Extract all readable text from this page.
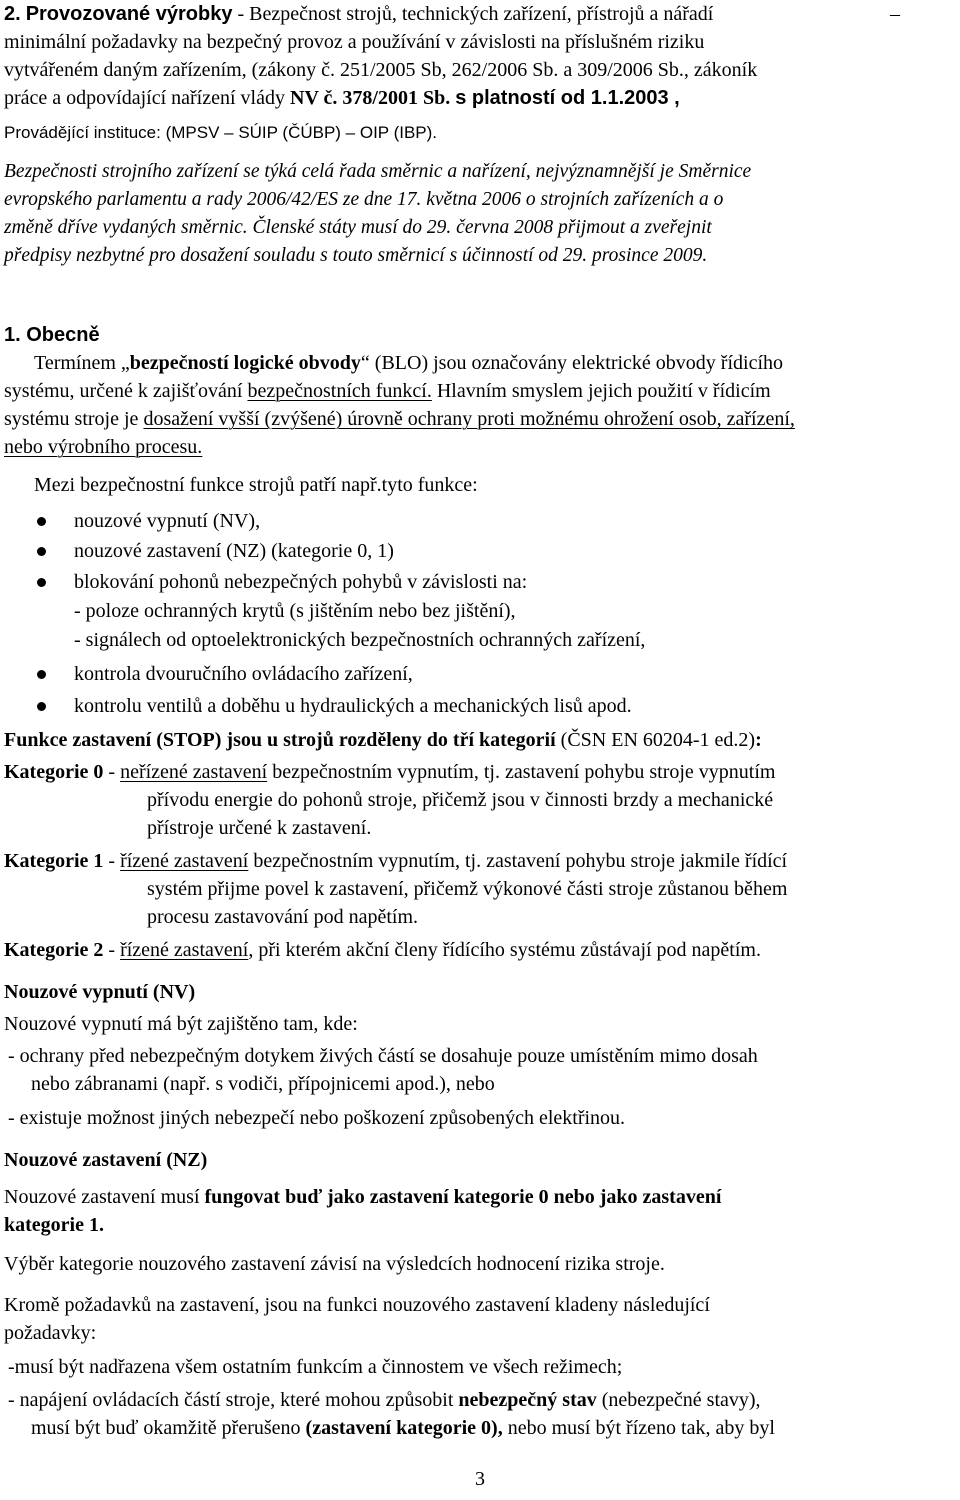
2. Provozované výrobky - Bezpečnost strojů, technických zařízení, přístrojů a nářadí	–
minimální požadavky na bezpečný provoz a používání v závislosti na příslušném riziku
vytvářeném daným zařízením, (zákony č. 251/2005 Sb, 262/2006 Sb. a 309/2006 Sb., zákoník
práce a odpovídající nařízení vlády NV č. 378/2001 Sb. s platností od 1.1.2003 ,
Provádějící instituce: (MPSV – SÚIP (ČÚBP) – OIP (IBP).
Bezpečnosti strojního zařízení se týká celá řada směrnic a nařízení, nejvýznamnější je Směrnice
evropského parlamentu a rady 2006/42/ES ze dne 17. května 2006 o strojních zařízeních a o
změně dříve vydaných směrnic. Členské státy musí do 29. června 2008 přijmout a zveřejnit
předpisy nezbytné pro dosažení souladu s touto směrnicí s účinností od 29. prosince 2009.
1. Obecně
Termínem „bezpečností logické obvody“ (BLO) jsou označovány elektrické obvody řídicího
systému, určené k zajišťování bezpečnostních funkcí. Hlavním smyslem jejich použití v řídicím
systému stroje je dosažení vyšší (zvýšené) úrovně ochrany proti možnému ohrožení osob, zařízení,
nebo výrobního procesu.
Mezi bezpečnostní funkce strojů patří např.tyto funkce:
nouzové vypnutí (NV),
nouzové zastavení (NZ) (kategorie 0, 1)
blokování pohonů nebezpečných pohybů v závislosti na:
- poloze ochranných krytů (s jištěním nebo bez jištění),
- signálech od optoelektronických bezpečnostních ochranných zařízení,
kontrola dvouručního ovládacího zařízení,
kontrolu ventilů a doběhu u hydraulických a mechanických lisů apod.
Funkce zastavení (STOP) jsou u strojů rozděleny do tří kategorií (ČSN EN 60204-1 ed.2):
Kategorie 0 - neřízené zastavení bezpečnostním vypnutím, tj. zastavení pohybu stroje vypnutím
přívodu energie do pohonů stroje, přičemž jsou v činnosti brzdy a mechanické
přístroje určené k zastavení.
Kategorie 1 - řízené zastavení bezpečnostním vypnutím, tj. zastavení pohybu stroje jakmile řídící
systém přijme povel k zastavení, přičemž výkonové části stroje zůstanou během
procesu zastavování pod napětím.
Kategorie 2 - řízené zastavení, při kterém akční členy řídícího systému zůstávají pod napětím.
Nouzové vypnutí (NV)
Nouzové vypnutí má být zajištěno tam, kde:
- ochrany před nebezpečným dotykem živých částí se dosahuje pouze umístěním mimo dosah
nebo zábranami (např. s vodiči, přípojnicemi apod.), nebo
- existuje možnost jiných nebezpečí nebo poškození způsobených elektřinou.
Nouzové zastavení (NZ)
Nouzové zastavení musí fungovat buď jako zastavení kategorie 0 nebo jako zastavení
kategorie 1.
Výběr kategorie nouzového zastavení závisí na výsledcích hodnocení rizika stroje.
Kromě požadavků na zastavení, jsou na funkci nouzového zastavení kladeny následující
požadavky:
-musí být nadřazena všem ostatním funkcím a činnostem ve všech režimech;
- napájení ovládacích částí stroje, které mohou způsobit nebezpečný stav (nebezpečné stavy),
musí být buď okamžitě přerušeno (zastavení kategorie 0), nebo musí být řízeno tak, aby byl
3
